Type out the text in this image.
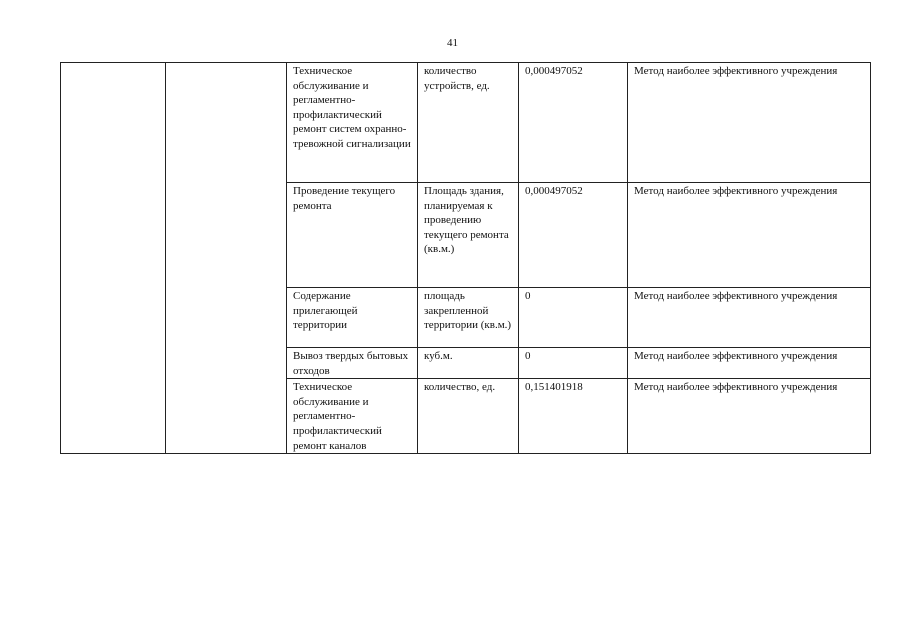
41
		Техническое обслуживание и регламентно-профилактический ремонт систем охранно-тревожной сигнализации	количество устройств, ед.	0,000497052	Метод наиболее эффективного учреждения
		Проведение текущего ремонта	Площадь здания, планируемая к проведению текущего ремонта (кв.м.)	0,000497052	Метод наиболее эффективного учреждения
		Содержание прилегающей территории	площадь закрепленной территории (кв.м.)	0	Метод наиболее эффективного учреждения
		Вывоз твердых бытовых отходов	куб.м.	0	Метод наиболее эффективного учреждения
		Техническое обслуживание и регламентно-профилактический ремонт каналов	количество, ед.	0,151401918	Метод наиболее эффективного учреждения
